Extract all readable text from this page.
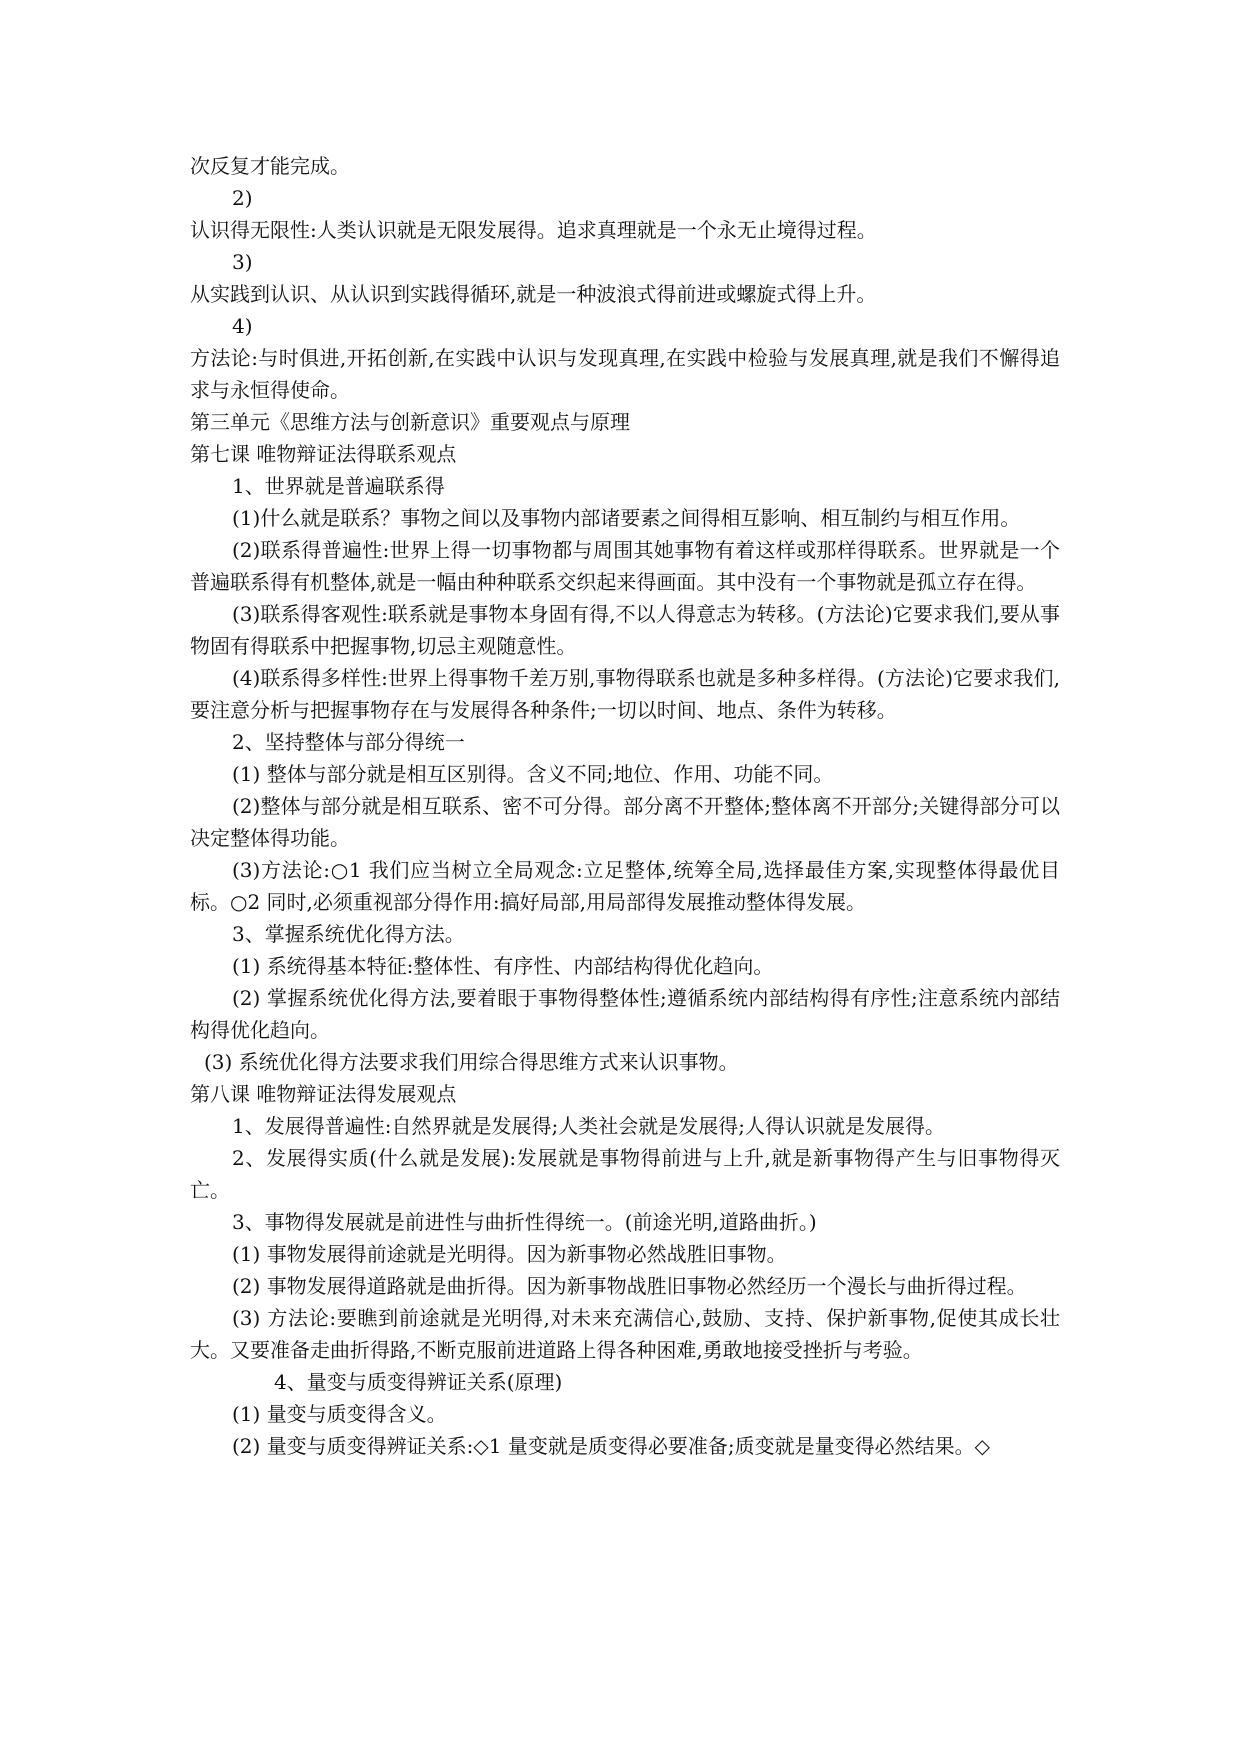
次反复才能完成。
2)
认识得无限性:人类认识就是无限发展得。追求真理就是一个永无止境得过程。
3)
从实践到认识、从认识到实践得循环,就是一种波浪式得前进或螺旋式得上升。
4)
方法论:与时俱进,开拓创新,在实践中认识与发现真理,在实践中检验与发展真理,就是我们不懈得追求与永恒得使命。
第三单元《思维方法与创新意识》重要观点与原理
第七课 唯物辩证法得联系观点
1、世界就是普遍联系得
(1)什么就是联系？事物之间以及事物内部诸要素之间得相互影响、相互制约与相互作用。
(2)联系得普遍性:世界上得一切事物都与周围其她事物有着这样或那样得联系。世界就是一个普遍联系得有机整体,就是一幅由种种联系交织起来得画面。其中没有一个事物就是孤立存在得。
(3)联系得客观性:联系就是事物本身固有得,不以人得意志为转移。(方法论)它要求我们,要从事物固有得联系中把握事物,切忌主观随意性。
(4)联系得多样性:世界上得事物千差万别,事物得联系也就是多种多样得。(方法论)它要求我们,要注意分析与把握事物存在与发展得各种条件;一切以时间、地点、条件为转移。
2、坚持整体与部分得统一
(1) 整体与部分就是相互区别得。含义不同;地位、作用、功能不同。
(2)整体与部分就是相互联系、密不可分得。部分离不开整体;整体离不开部分;关键得部分可以决定整体得功能。
(3)方法论:○1 我们应当树立全局观念:立足整体,统筹全局,选择最佳方案,实现整体得最优目标。○2 同时,必须重视部分得作用:搞好局部,用局部得发展推动整体得发展。
3、掌握系统优化得方法。
(1) 系统得基本特征:整体性、有序性、内部结构得优化趋向。
(2) 掌握系统优化得方法,要着眼于事物得整体性;遵循系统内部结构得有序性;注意系统内部结构得优化趋向。
(3) 系统优化得方法要求我们用综合得思维方式来认识事物。
第八课 唯物辩证法得发展观点
1、发展得普遍性:自然界就是发展得;人类社会就是发展得;人得认识就是发展得。
2、发展得实质(什么就是发展):发展就是事物得前进与上升,就是新事物得产生与旧事物得灭亡。
3、事物得发展就是前进性与曲折性得统一。(前途光明,道路曲折。)
(1) 事物发展得前途就是光明得。因为新事物必然战胜旧事物。
(2) 事物发展得道路就是曲折得。因为新事物战胜旧事物必然经历一个漫长与曲折得过程。
(3) 方法论:要瞧到前途就是光明得,对未来充满信心,鼓励、支持、保护新事物,促使其成长壮大。又要准备走曲折得路,不断克服前进道路上得各种困难,勇敢地接受挫折与考验。
4、量变与质变得辨证关系(原理)
(1) 量变与质变得含义。
(2) 量变与质变得辨证关系:◇1 量变就是质变得必要准备;质变就是量变得必然结果。◇
